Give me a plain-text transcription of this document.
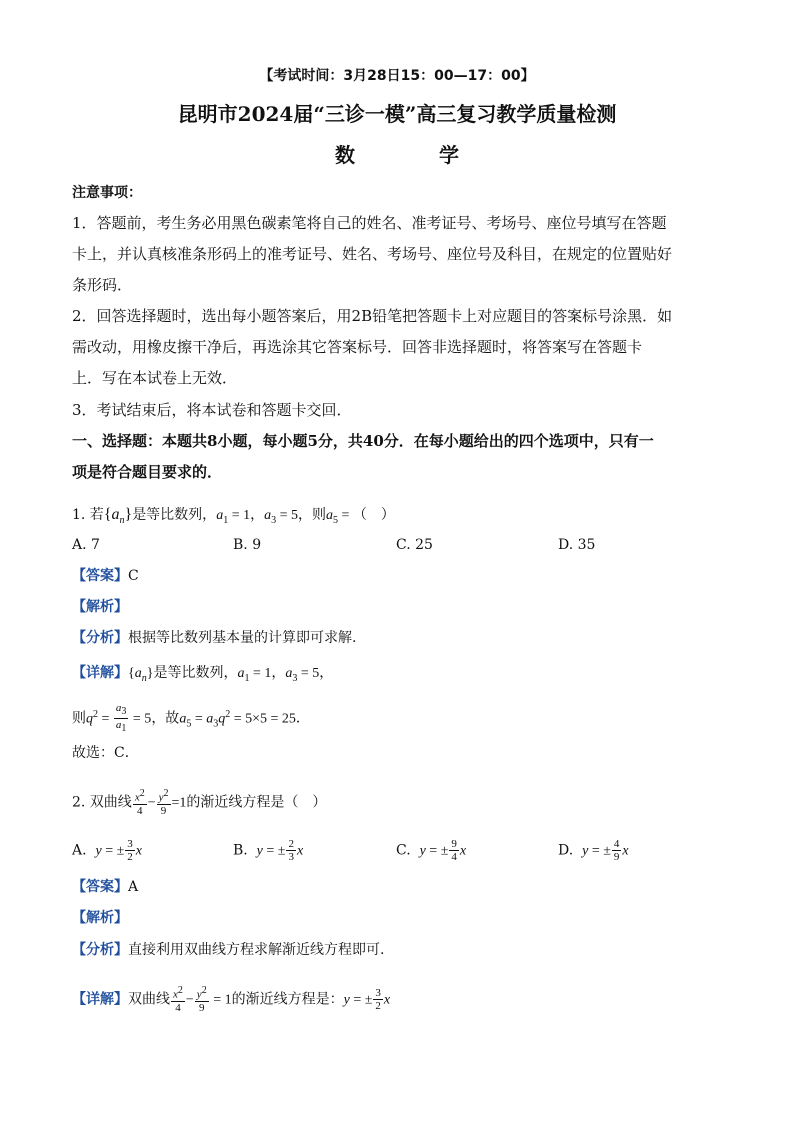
【考试时间：3月28日15：00—17：00】
昆明市2024届“三诊一模”高三复习教学质量检测
数	学
注意事项：
1．答题前，考生务必用黑色碳素笔将自己的姓名、准考证号、考场号、座位号填写在答题
卡上，并认真核准条形码上的准考证号、姓名、考场号、座位号及科目，在规定的位置贴好
条形码．
2．回答选择题时，选出每小题答案后，用2B铅笔把答题卡上对应题目的答案标号涂黑．如
需改动，用橡皮擦干净后，再选涂其它答案标号．回答非选择题时，将答案写在答题卡
上．写在本试卷上无效．
3．考试结束后，将本试卷和答题卡交回．
一、选择题：本题共8小题，每小题5分，共40分．在每小题给出的四个选项中，只有一
项是符合题目要求的．
1. 若$\{a_n\}$是等比数列，$a_1 = 1$，$a_3 = 5$，则$a_5$ = （　）
A. 7	B. 9	C. 25	D. 35
【答案】C
【解析】
【分析】根据等比数列基本量的计算即可求解.
【详解】$\{a_n\}$是等比数列，$a_1 = 1$，$a_3 = 5$，
则$q^2 = \frac{a_3}{a_1} = 5$，故$a_5 = a_3q^2 = 5\times 5 = 25$．
故选：C．
2. 双曲线 $\frac{x^2}{4} - \frac{y^2}{9} =1$的渐近线方程是（　）
A. y = ± $\frac{3}{2}$ x	B. y = ± $\frac{2}{3}$ x	C. y = ± $\frac{9}{4}$ x	D. y = ± $\frac{4}{9}$ x
【答案】A
【解析】
【分析】直接利用双曲线方程求解渐近线方程即可.
【详解】双曲线 $\frac{x^2}{4} - \frac{y^2}{9} = 1$的渐近线方程是：y = ± $\frac{3}{2}$ x
